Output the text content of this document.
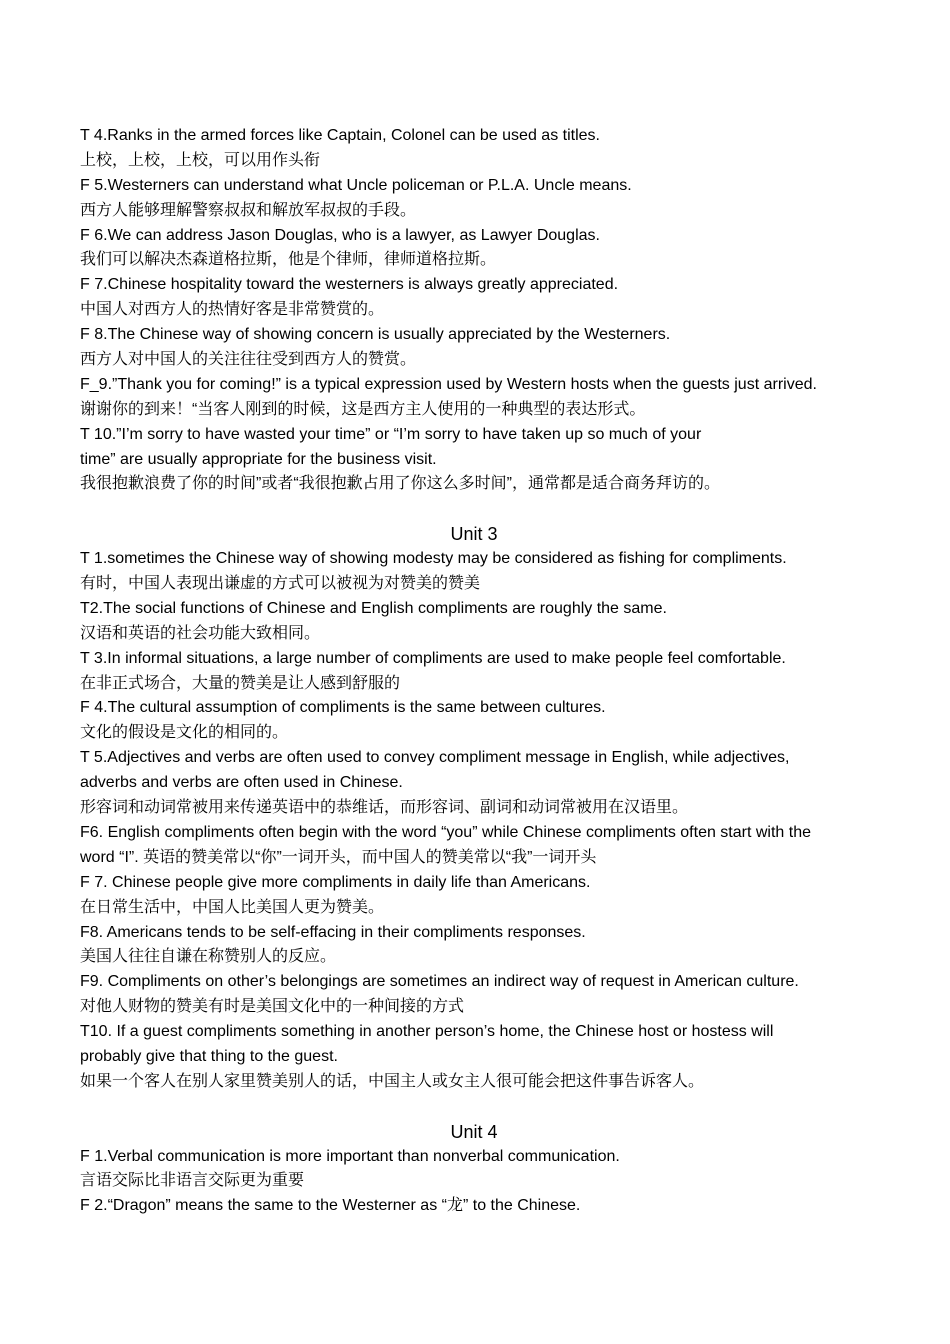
T 4.Ranks in the armed forces like Captain, Colonel can be used as titles.
上校，上校，上校，可以用作头衔
F 5.Westerners can understand what Uncle policeman or P.L.A. Uncle means.
西方人能够理解警察叔叔和解放军叔叔的手段。
F 6.We can address Jason Douglas, who is a lawyer, as Lawyer Douglas.
我们可以解决杰森道格拉斯，他是个律师，律师道格拉斯。
F 7.Chinese hospitality toward the westerners is always greatly appreciated.
中国人对西方人的热情好客是非常赞赏的。
F 8.The Chinese way of showing concern is usually appreciated by the Westerners.
西方人对中国人的关注往往受到西方人的赞赏。
F_9.”Thank you for coming!” is a typical expression used by Western hosts when the guests just arrived.
谢谢你的到来！“当客人刚到的时候，这是西方主人使用的一种典型的表达形式。
T 10.”I’m sorry to have wasted your time” or “I’m sorry to have taken up so much of your
time” are usually appropriate for the business visit.
我很抱歉浪费了你的时间”或者“我很抱歉占用了你这么多时间”，通常都是适合商务拜访的。
Unit 3
T 1.sometimes the Chinese way of showing modesty may be considered as fishing for compliments.
有时，中国人表现出谦虚的方式可以被视为对赞美的赞美
T2.The social functions of Chinese and English compliments are roughly the same.
汉语和英语的社会功能大致相同。
T 3.In informal situations, a large number of compliments are used to make people feel comfortable.
在非正式场合，大量的赞美是让人感到舒服的
F 4.The cultural assumption of compliments is the same between cultures.
文化的假设是文化的相同的。
T 5.Adjectives and verbs are often used to convey compliment message in English, while adjectives,
adverbs and verbs are often used in Chinese.
形容词和动词常被用来传递英语中的恭维话，而形容词、副词和动词常被用在汉语里。
F6. English compliments often begin with the word “you” while Chinese compliments often start with the
word “I”. 英语的赞美常以“你”一词开头，而中国人的赞美常以“我”一词开头
F 7. Chinese people give more compliments in daily life than Americans.
在日常生活中，中国人比美国人更为赞美。
F8. Americans tends to be self-effacing in their compliments responses.
美国人往往自谦在称赞别人的反应。
F9. Compliments on other’s belongings are sometimes an indirect way of request in American culture.
对他人财物的赞美有时是美国文化中的一种间接的方式
T10. If a guest compliments something in another person’s home, the Chinese host or hostess will
probably give that thing to the guest.
如果一个客人在别人家里赞美别人的话，中国主人或女主人很可能会把这件事告诉客人。
Unit 4
F 1.Verbal communication is more important than nonverbal communication.
言语交际比非语言交际更为重要
F 2.“Dragon” means the same to the Westerner as “龙” to the Chinese.
